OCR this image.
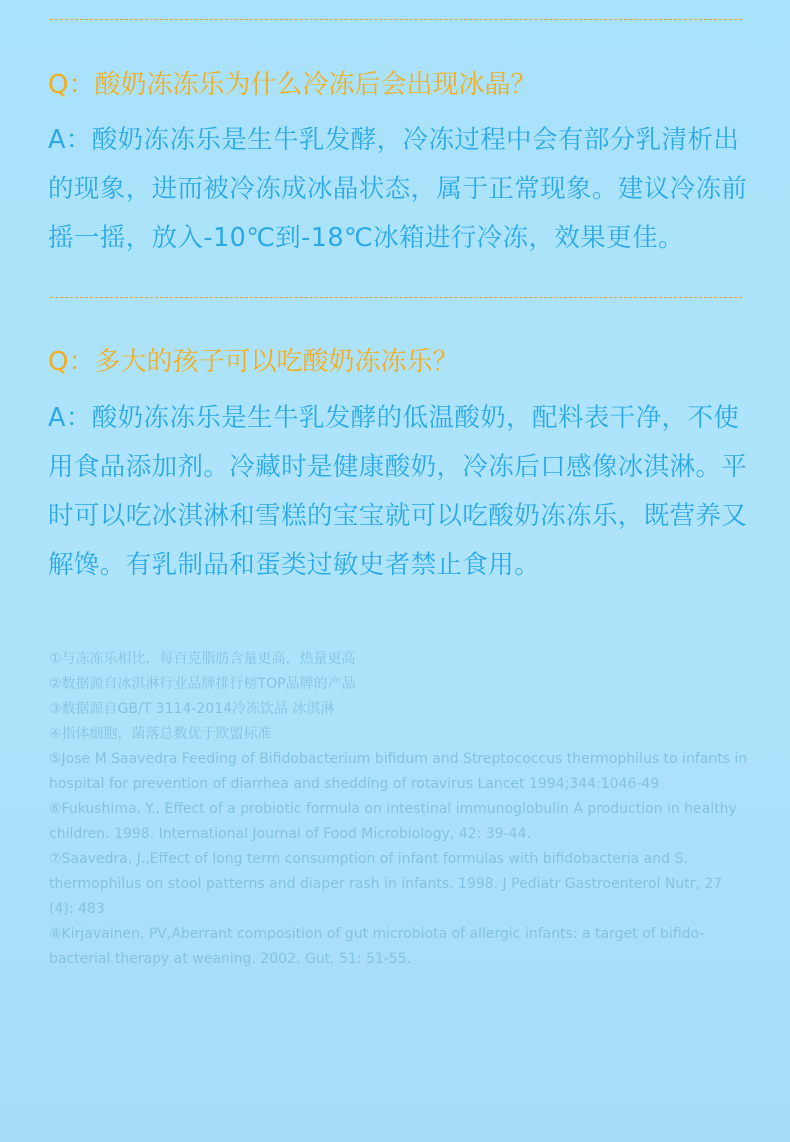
Q：酸奶冻冻乐为什么冷冻后会出现冰晶？
A：酸奶冻冻乐是生牛乳发酵，冷冻过程中会有部分乳清析出的现象，进而被冷冻成冰晶状态，属于正常现象。建议冷冻前摇一摇，放入-10℃到-18℃冰箱进行冷冻，效果更佳。
Q：多大的孩子可以吃酸奶冻冻乐？
A：酸奶冻冻乐是生牛乳发酵的低温酸奶，配料表干净，不使用食品添加剂。冷藏时是健康酸奶，冷冻后口感像冰淇淋。平时可以吃冰淇淋和雪糕的宝宝就可以吃酸奶冻冻乐，既营养又解馋。有乳制品和蛋类过敏史者禁止食用。

①与冻冻乐相比，每百克脂肪含量更高，热量更高

②数据源自冰淇淋行业品牌排行榜TOP品牌的产品

③数据源自GB/T 3114-2014冷冻饮品 冰淇淋

④指体细胞，菌落总数优于欧盟标准

⑤Jose M Saavedra Feeding of Bifidobacterium bifidum and Streptococcus thermophilus to infants in hospital for prevention of diarrhea and shedding of rotavirus Lancet 1994;344:1046-49

⑥Fukushima, Y., Effect of a probiotic formula on intestinal immunoglobulin A production in healthy children. 1998. International Journal of Food Microbiology, 42: 39-44.

⑦Saavedra, J.,Effect of long term consumption of infant formulas with bifidobacteria and S. thermophilus on stool patterns and diaper rash in infants. 1998. J Pediatr Gastroenterol Nutr, 27 (4): 483

⑧Kirjavainen, PV,Aberrant composition of gut microbiota of allergic infants: a target of bifido-bacterial therapy at weaning. 2002. Gut, 51: 51-55.
